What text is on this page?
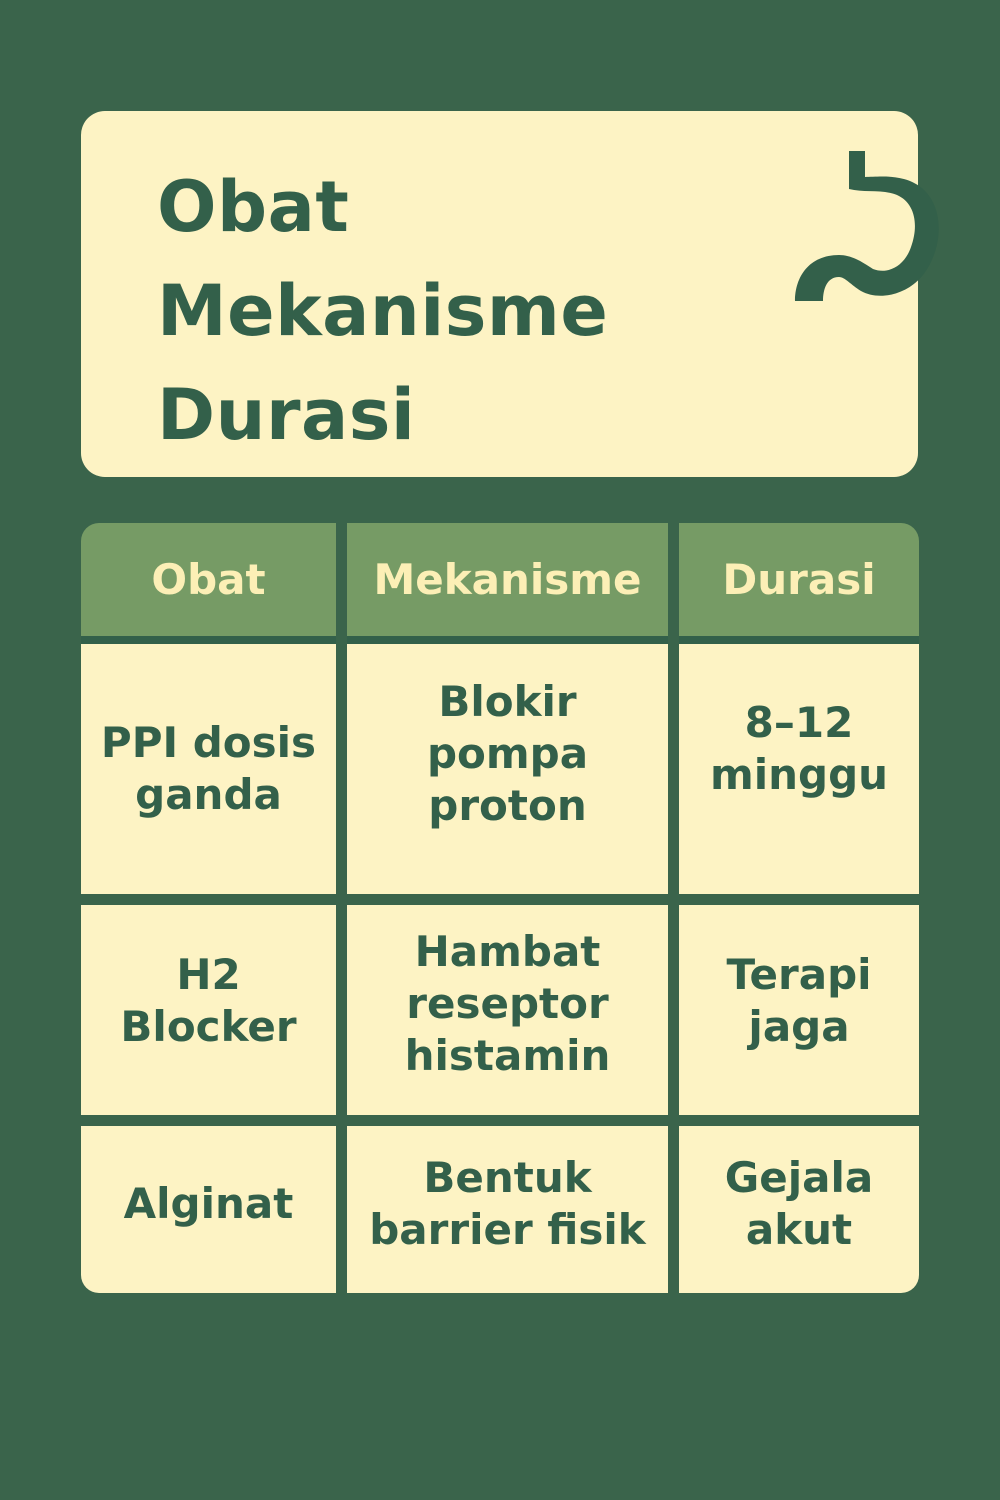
Obat
Mekanisme
Durasi
Obat	Mekanisme	Durasi
PPI dosis ganda
Blokir pompa proton
8–12 minggu
H2 Blocker
Hambat reseptor histamin
Terapi jaga
Alginat
Bentuk barrier fisik
Gejala akut
